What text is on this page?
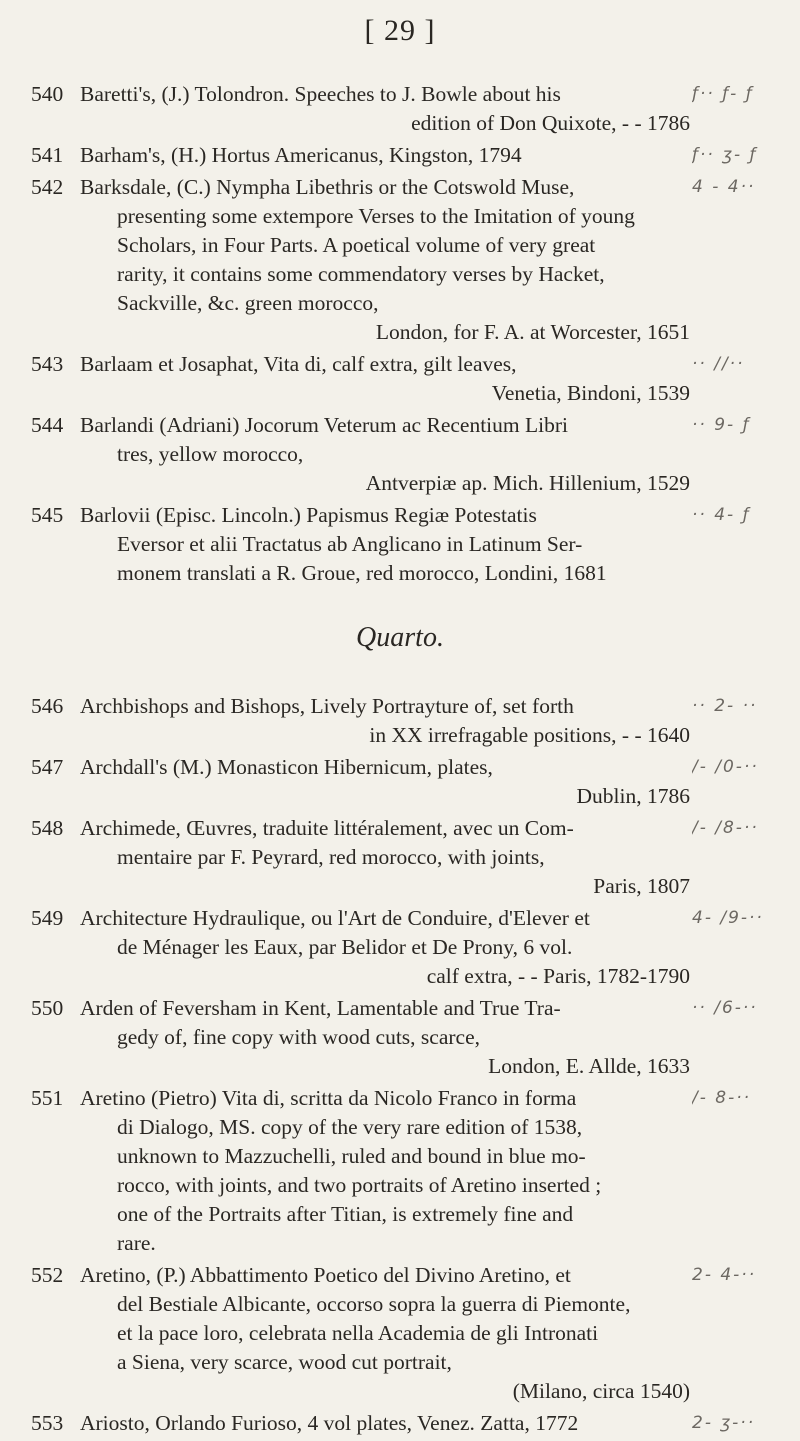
[ 29 ]
540 Baretti's, (J.) Tolondron. Speeches to J. Bowle about his
edition of Don Quixote, - - 1786
ƒ·· ƒ- ƒ
541 Barham's, (H.) Hortus Americanus, Kingston, 1794	ƒ·· ʒ- ƒ
542 Barksdale, (C.) Nympha Libethris or the Cotswold Muse,
presenting some extempore Verses to the Imitation of young
Scholars, in Four Parts. A poetical volume of very great
rarity, it contains some commendatory verses by Hacket,
Sackville, &c. green morocco,
London, for F. A. at Worcester, 1651
4 - 4··
543 Barlaam et Josaphat, Vita di, calf extra, gilt leaves,
Venetia, Bindoni, 1539
·· //··
544 Barlandi (Adriani) Jocorum Veterum ac Recentium Libri
tres, yellow morocco,
Antverpiæ ap. Mich. Hillenium, 1529
·· 9- ƒ
545 Barlovii (Episc. Lincoln.) Papismus Regiæ Potestatis
Eversor et alii Tractatus ab Anglicano in Latinum Ser-
monem translati a R. Groue, red morocco, Londini, 1681
·· 4- ƒ
Quarto.
546 Archbishops and Bishops, Lively Portrayture of, set forth
in XX irrefragable positions, - - 1640
·· 2- ··
547 Archdall's (M.) Monasticon Hibernicum, plates,
Dublin, 1786
/- /0-··
548 Archimede, Œuvres, traduite littéralement, avec un Com-
mentaire par F. Peyrard, red morocco, with joints,
Paris, 1807
/- /8-··
549 Architecture Hydraulique, ou l'Art de Conduire, d'Elever et
de Ménager les Eaux, par Belidor et De Prony, 6 vol.
calf extra, - - Paris, 1782-1790
4- /9-··
550 Arden of Feversham in Kent, Lamentable and True Tra-
gedy of, fine copy with wood cuts, scarce,
London, E. Allde, 1633
·· /6-··
551 Aretino (Pietro) Vita di, scritta da Nicolo Franco in forma
di Dialogo, MS. copy of the very rare edition of 1538,
unknown to Mazzuchelli, ruled and bound in blue mo-
rocco, with joints, and two portraits of Aretino inserted ;
one of the Portraits after Titian, is extremely fine and
rare.
/- 8-··
552 Aretino, (P.) Abbattimento Poetico del Divino Aretino, et
del Bestiale Albicante, occorso sopra la guerra di Piemonte,
et la pace loro, celebrata nella Academia de gli Intronati
a Siena, very scarce, wood cut portrait,
(Milano, circa 1540)
2- 4-··
553 Ariosto, Orlando Furioso, 4 vol plates, Venez. Zatta, 1772	2- ʒ-··
